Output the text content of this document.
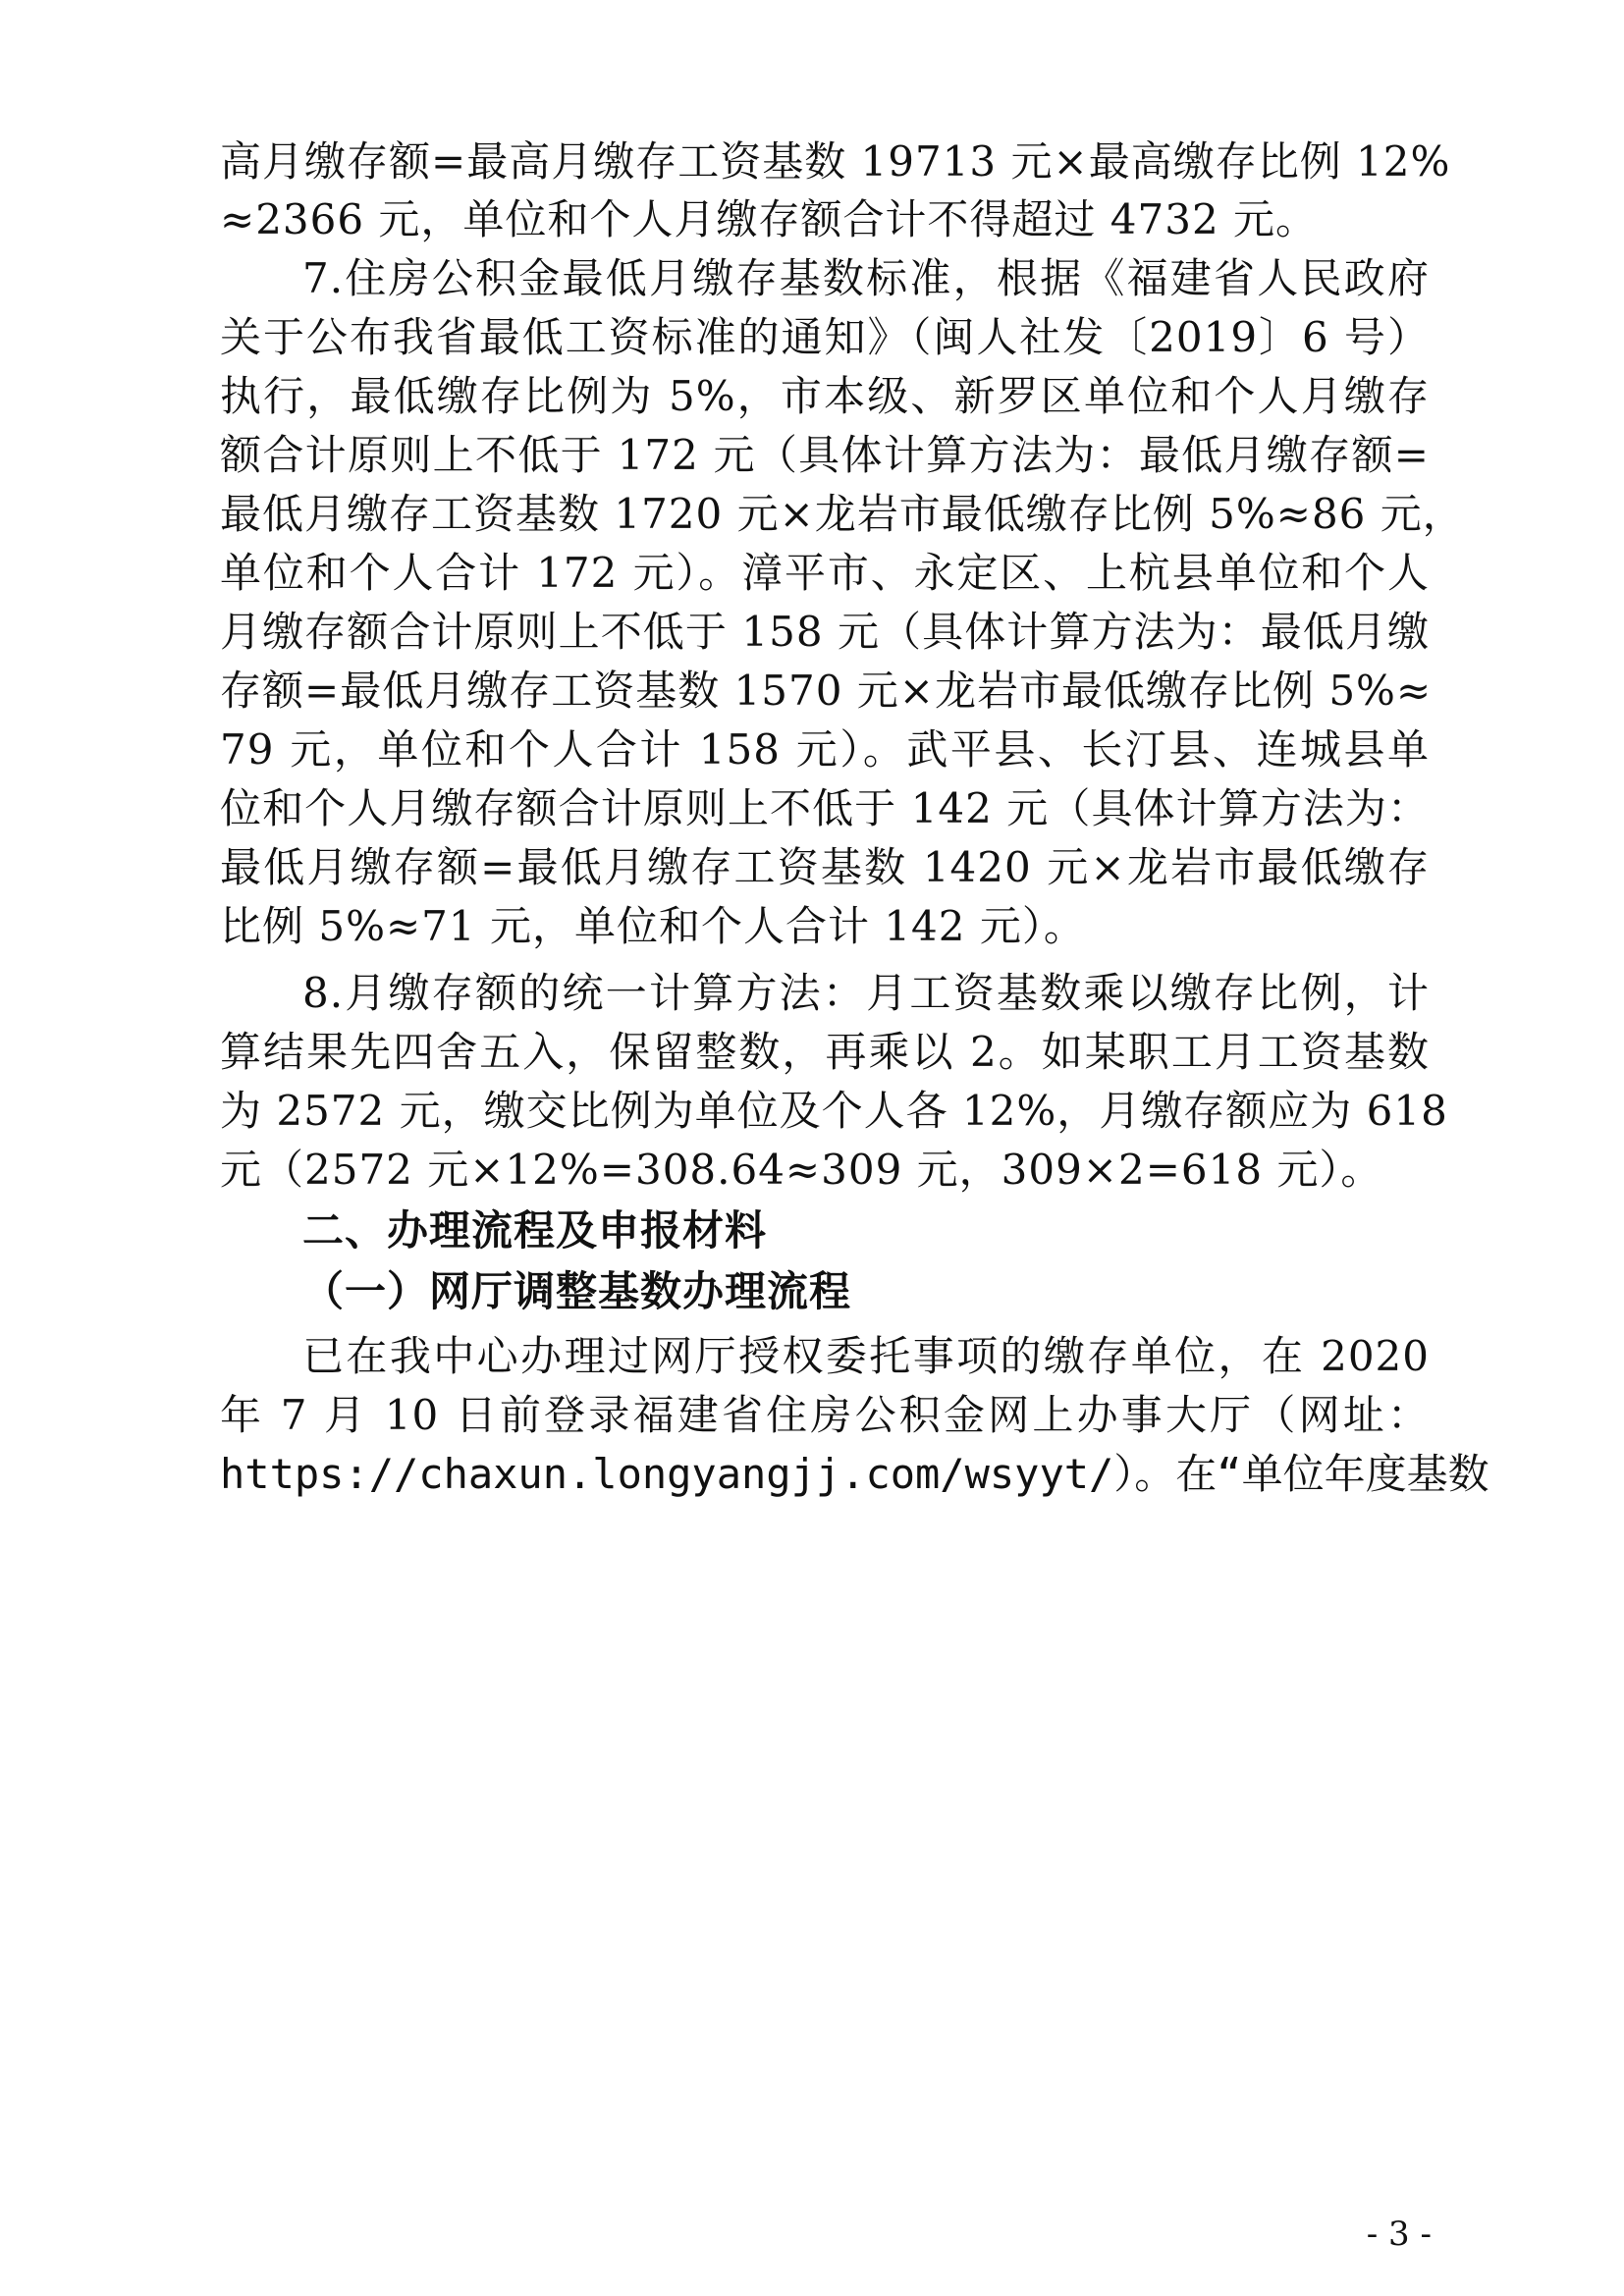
高月缴存额=最高月缴存工资基数 19713 元×最高缴存比例 12%
≈2366 元，单位和个人月缴存额合计不得超过 4732 元。
7.住房公积金最低月缴存基数标准，根据《福建省人民政府
关于公布我省最低工资标准的通知》（闽人社发〔2019〕6 号）
执行，最低缴存比例为 5%，市本级、新罗区单位和个人月缴存
额合计原则上不低于 172 元（具体计算方法为：最低月缴存额=
最低月缴存工资基数 1720 元×龙岩市最低缴存比例 5%≈86 元，
单位和个人合计 172 元）。漳平市、永定区、上杭县单位和个人
月缴存额合计原则上不低于 158 元（具体计算方法为：最低月缴
存额=最低月缴存工资基数 1570 元×龙岩市最低缴存比例 5%≈
79 元，单位和个人合计 158 元）。武平县、长汀县、连城县单
位和个人月缴存额合计原则上不低于 142 元（具体计算方法为：
最低月缴存额=最低月缴存工资基数 1420 元×龙岩市最低缴存
比例 5%≈71 元，单位和个人合计 142 元）。
8.月缴存额的统一计算方法：月工资基数乘以缴存比例，计
算结果先四舍五入，保留整数，再乘以 2。如某职工月工资基数
为 2572 元，缴交比例为单位及个人各 12%，月缴存额应为 618
元（2572 元×12%=308.64≈309 元，309×2=618 元）。
二、办理流程及申报材料
（一）网厅调整基数办理流程
已在我中心办理过网厅授权委托事项的缴存单位，在 2020
年 7 月 10 日前登录福建省住房公积金网上办事大厅（网址：
https://chaxun.longyangjj.com/wsyyt/）。在“单位年度基数
- 3 -
